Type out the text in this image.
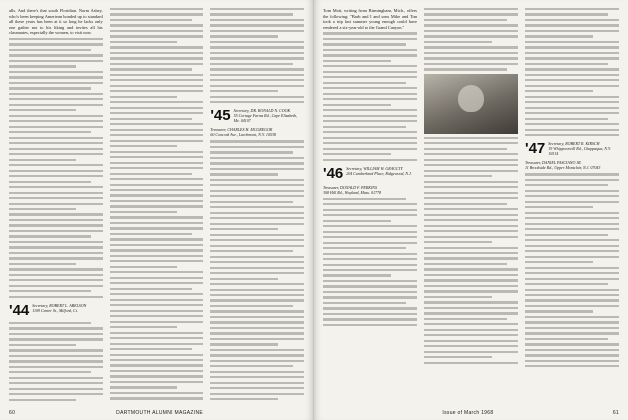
alls. And there's that south Floridian. Norm Asbey, who's been keeping Ameriean bonded up to standard all these years has been at it so long he lacks only one gather not to his liking and invites all his classmates, especially the women, to visit now.

'44 Secretary, ROBERT L. ABELSON
1109 Center St., Milford, Ct.
'45 Secretary, DR. RONALD N. COOK
55 Cortage Farms Rd., Cape Elizabeth, Me. 04107
Treasurer, CHARLES H. MCGREGOR
60 Concord Ave., Larchmont, N.Y. 10538
60	DARTMOUTH ALUMNI MAGAZINE

Tom Mott, writing from Birmingham, Mich., offers the following: "Barb and I and sons Mike and Tim took a trip last summer young enough could have rendered a six-year-old to the Grand Canyon."

'46 Secretary, WILLIAM W. GRAULTY
204 Cumberland Place, Ridgewood, N.J.
Treasurer, DONALD F. PERKINS
308 Hill Rd., Wayland, Mass. 01778
'47 Secretary, ROBERT R. KIRSCH
19 Whippoorwill Rd., Chappaqua, N.Y. 10514
Treasurer, DANIEL FASCIANO JR.
11 Brookside Rd., Upper Montclair, N.J. 07043
Issue of March 1968	61
